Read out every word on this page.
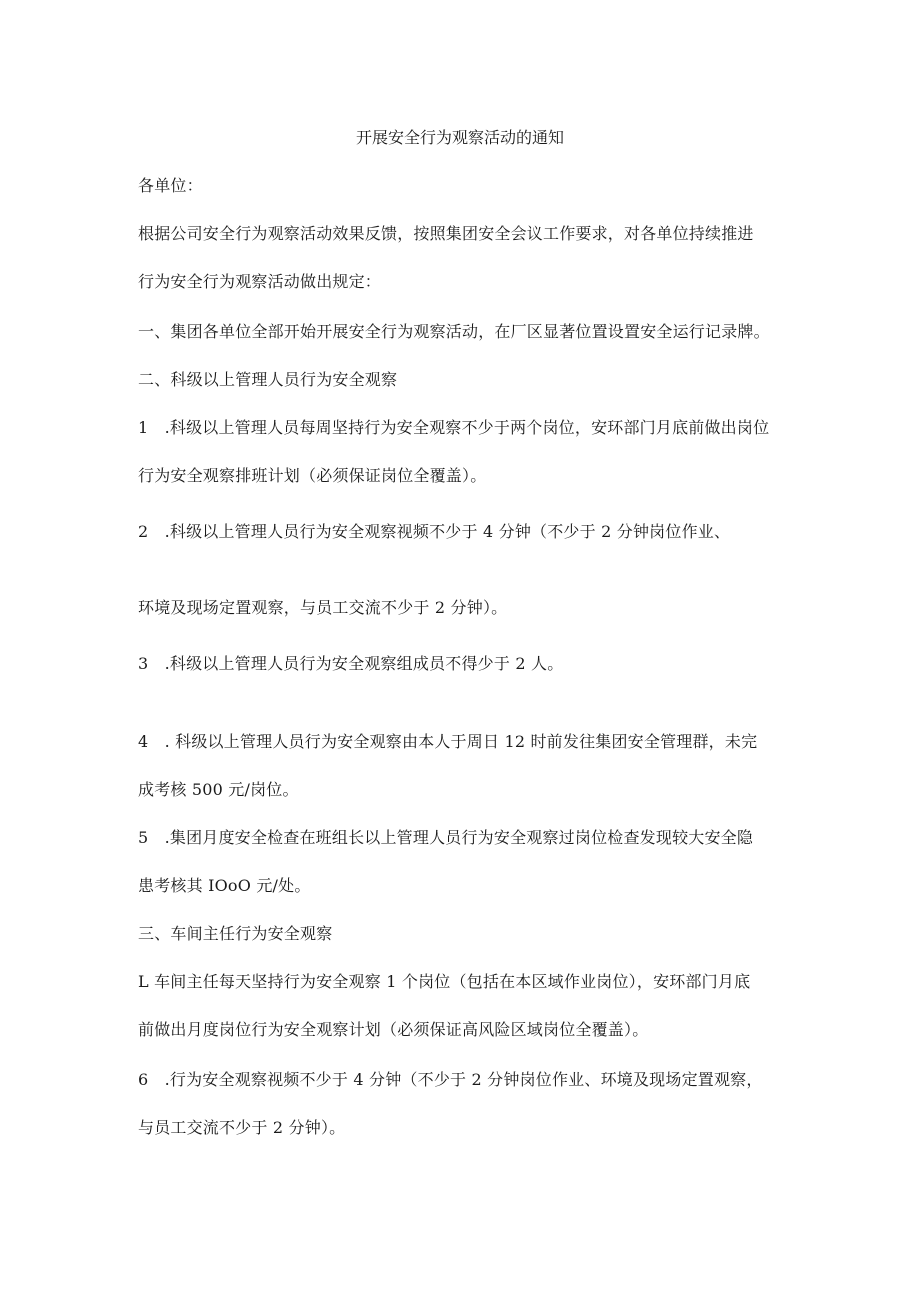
开展安全行为观察活动的通知
各单位：
根据公司安全行为观察活动效果反馈，按照集团安全会议工作要求，对各单位持续推进
行为安全行为观察活动做出规定：
一、集团各单位全部开始开展安全行为观察活动，在厂区显著位置设置安全运行记录牌。
二、科级以上管理人员行为安全观察
1　.科级以上管理人员每周坚持行为安全观察不少于两个岗位，安环部门月底前做出岗位
行为安全观察排班计划（必须保证岗位全覆盖）。
2　.科级以上管理人员行为安全观察视频不少于 4 分钟（不少于 2 分钟岗位作业、
环境及现场定置观察，与员工交流不少于 2 分钟）。
3　.科级以上管理人员行为安全观察组成员不得少于 2 人。
4　. 科级以上管理人员行为安全观察由本人于周日 12 时前发往集团安全管理群，未完
成考核 500 元/岗位。
5　.集团月度安全检查在班组长以上管理人员行为安全观察过岗位检查发现较大安全隐
患考核其 IOoO 元/处。
三、车间主任行为安全观察
L 车间主任每天坚持行为安全观察 1 个岗位（包括在本区域作业岗位），安环部门月底
前做出月度岗位行为安全观察计划（必须保证高风险区域岗位全覆盖）。
6　.行为安全观察视频不少于 4 分钟（不少于 2 分钟岗位作业、环境及现场定置观察，
与员工交流不少于 2 分钟）。
